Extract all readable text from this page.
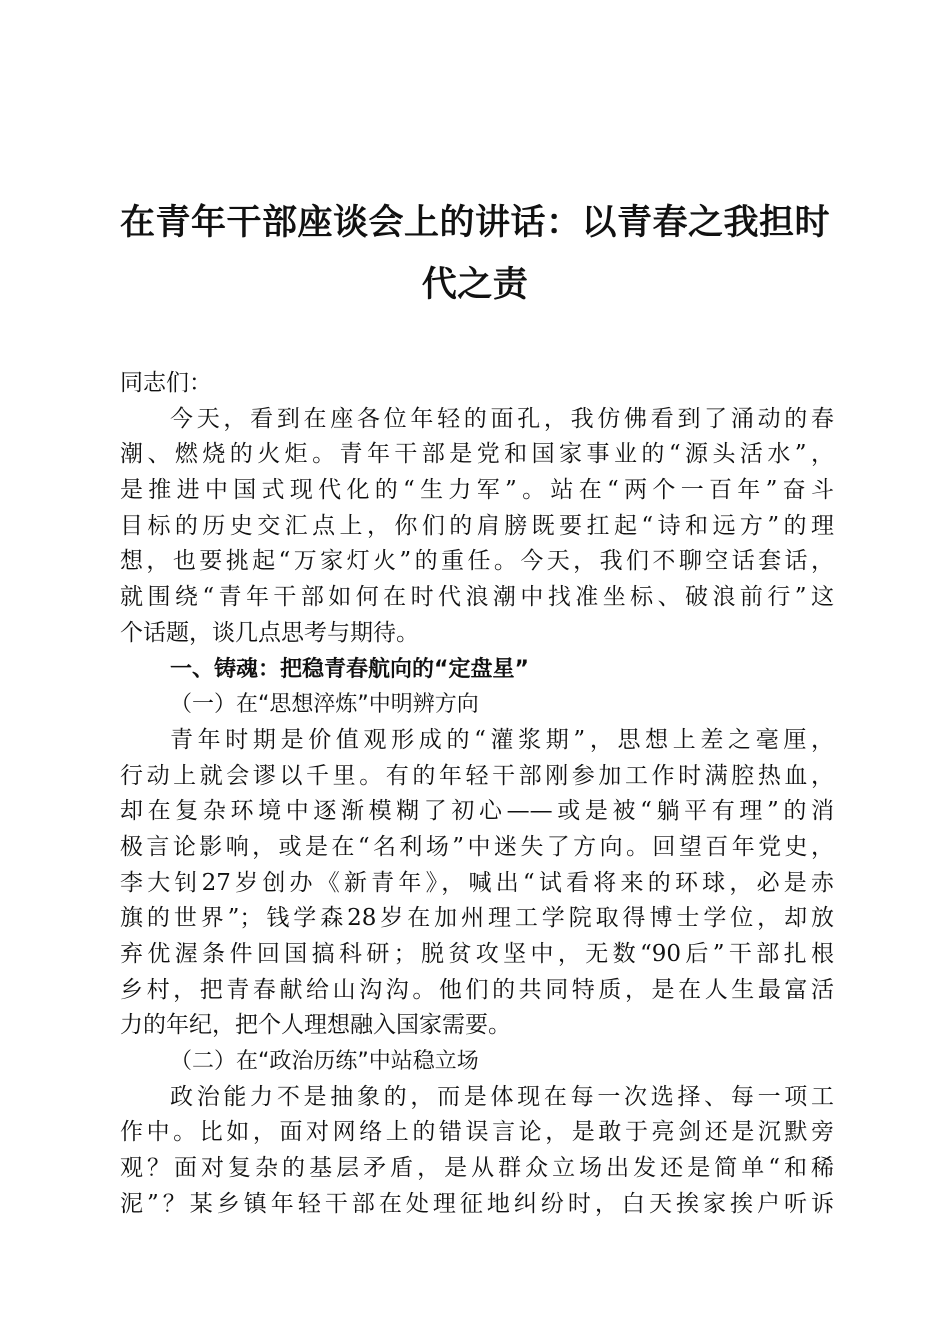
在青年干部座谈会上的讲话：以青春之我担时
代之责
同志们：
今天，看到在座各位年轻的面孔，我仿佛看到了涌动的春
潮、燃烧的火炬。青年干部是党和国家事业的“源头活水”，
是推进中国式现代化的“生力军”。站在“两个一百年”奋斗
目标的历史交汇点上，你们的肩膀既要扛起“诗和远方”的理
想，也要挑起“万家灯火”的重任。今天，我们不聊空话套话，
就围绕“青年干部如何在时代浪潮中找准坐标、破浪前行”这
个话题，谈几点思考与期待。
一、铸魂：把稳青春航向的“定盘星”
（一）在“思想淬炼”中明辨方向
青年时期是价值观形成的“灌浆期”，思想上差之毫厘，
行动上就会谬以千里。有的年轻干部刚参加工作时满腔热血，
却在复杂环境中逐渐模糊了初心——或是被“躺平有理”的消
极言论影响，或是在“名利场”中迷失了方向。回望百年党史，
李大钊27岁创办《新青年》，喊出“试看将来的环球，必是赤
旗的世界”；钱学森28岁在加州理工学院取得博士学位，却放
弃优渥条件回国搞科研；脱贫攻坚中，无数“90后”干部扎根
乡村，把青春献给山沟沟。他们的共同特质，是在人生最富活
力的年纪，把个人理想融入国家需要。
（二）在“政治历练”中站稳立场
政治能力不是抽象的，而是体现在每一次选择、每一项工
作中。比如，面对网络上的错误言论，是敢于亮剑还是沉默旁
观？面对复杂的基层矛盾，是从群众立场出发还是简单“和稀
泥”？某乡镇年轻干部在处理征地纠纷时，白天挨家挨户听诉
